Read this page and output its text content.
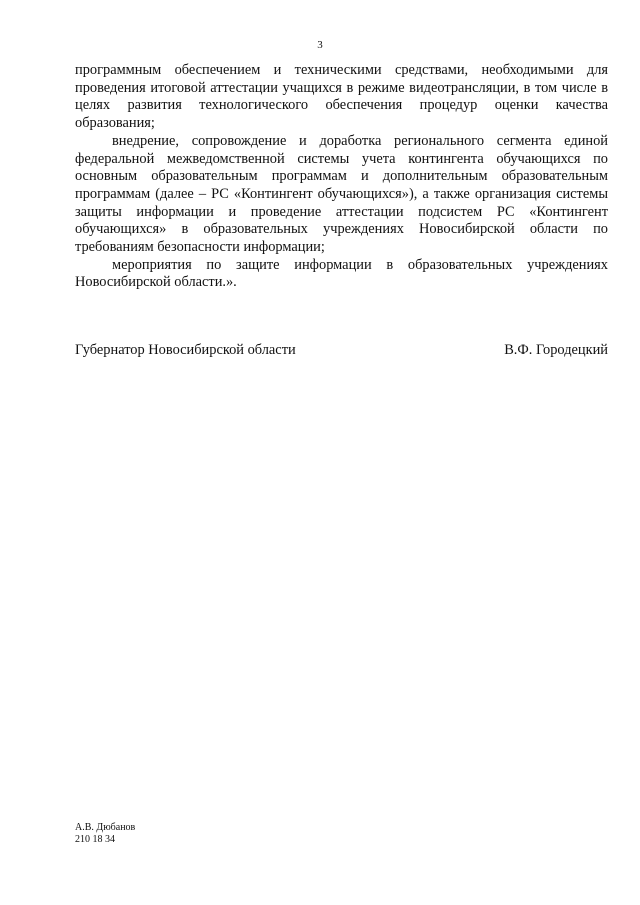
3

программным обеспечением и техническими средствами, необходимыми для проведения итоговой аттестации учащихся в режиме видеотрансляции, в том числе в целях развития технологического обеспечения процедур оценки качества образования;

внедрение, сопровождение и доработка регионального сегмента единой федеральной межведомственной системы учета контингента обучающихся по основным образовательным программам и дополнительным образовательным программам (далее – РС «Контингент обучающихся»), а также организация системы защиты информации и проведение аттестации подсистем РС «Контингент обучающихся» в образовательных учреждениях Новосибирской области по требованиям безопасности информации;

мероприятия по защите информации в образовательных учреждениях Новосибирской области.».

Губернатор Новосибирской области	В.Ф. Городецкий
А.В. Дюбанов
210 18 34
